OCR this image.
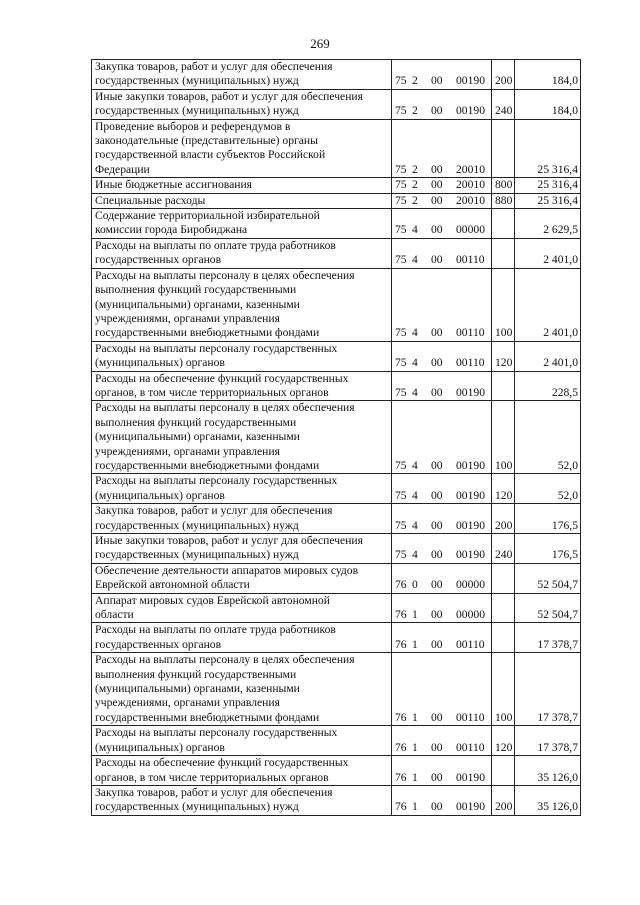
269
Закупка товаров, работ и услуг для обеспечения
государственных (муниципальных) нужд	75 2 00 00190	200	184,0
Иные закупки товаров, работ и услуг для обеспечения
государственных (муниципальных) нужд	75 2 00 00190	240	184,0
Проведение выборов и референдумов в
законодательные (представительные) органы
государственной власти субъектов Российской
Федерации	75 2 00 20010		25 316,4
Иные бюджетные ассигнования	75 2 00 20010	800	25 316,4
Специальные расходы	75 2 00 20010	880	25 316,4
Содержание территориальной избирательной
комиссии города Биробиджана	75 4 00 00000		2 629,5
Расходы на выплаты по оплате труда работников
государственных органов	75 4 00 00110		2 401,0
Расходы на выплаты персоналу в целях обеспечения
выполнения функций государственными
(муниципальными) органами, казенными
учреждениями, органами управления
государственными внебюджетными фондами	75 4 00 00110	100	2 401,0
Расходы на выплаты персоналу государственных
(муниципальных) органов	75 4 00 00110	120	2 401,0
Расходы на обеспечение функций государственных
органов, в том числе территориальных органов	75 4 00 00190		228,5
Расходы на выплаты персоналу в целях обеспечения
выполнения функций государственными
(муниципальными) органами, казенными
учреждениями, органами управления
государственными внебюджетными фондами	75 4 00 00190	100	52,0
Расходы на выплаты персоналу государственных
(муниципальных) органов	75 4 00 00190	120	52,0
Закупка товаров, работ и услуг для обеспечения
государственных (муниципальных) нужд	75 4 00 00190	200	176,5
Иные закупки товаров, работ и услуг для обеспечения
государственных (муниципальных) нужд	75 4 00 00190	240	176,5
Обеспечение деятельности аппаратов мировых судов
Еврейской автономной области	76 0 00 00000		52 504,7
Аппарат мировых судов Еврейской автономной
области	76 1 00 00000		52 504,7
Расходы на выплаты по оплате труда работников
государственных органов	76 1 00 00110		17 378,7
Расходы на выплаты персоналу в целях обеспечения
выполнения функций государственными
(муниципальными) органами, казенными
учреждениями, органами управления
государственными внебюджетными фондами	76 1 00 00110	100	17 378,7
Расходы на выплаты персоналу государственных
(муниципальных) органов	76 1 00 00110	120	17 378,7
Расходы на обеспечение функций государственных
органов, в том числе территориальных органов	76 1 00 00190		35 126,0
Закупка товаров, работ и услуг для обеспечения
государственных (муниципальных) нужд	76 1 00 00190	200	35 126,0
